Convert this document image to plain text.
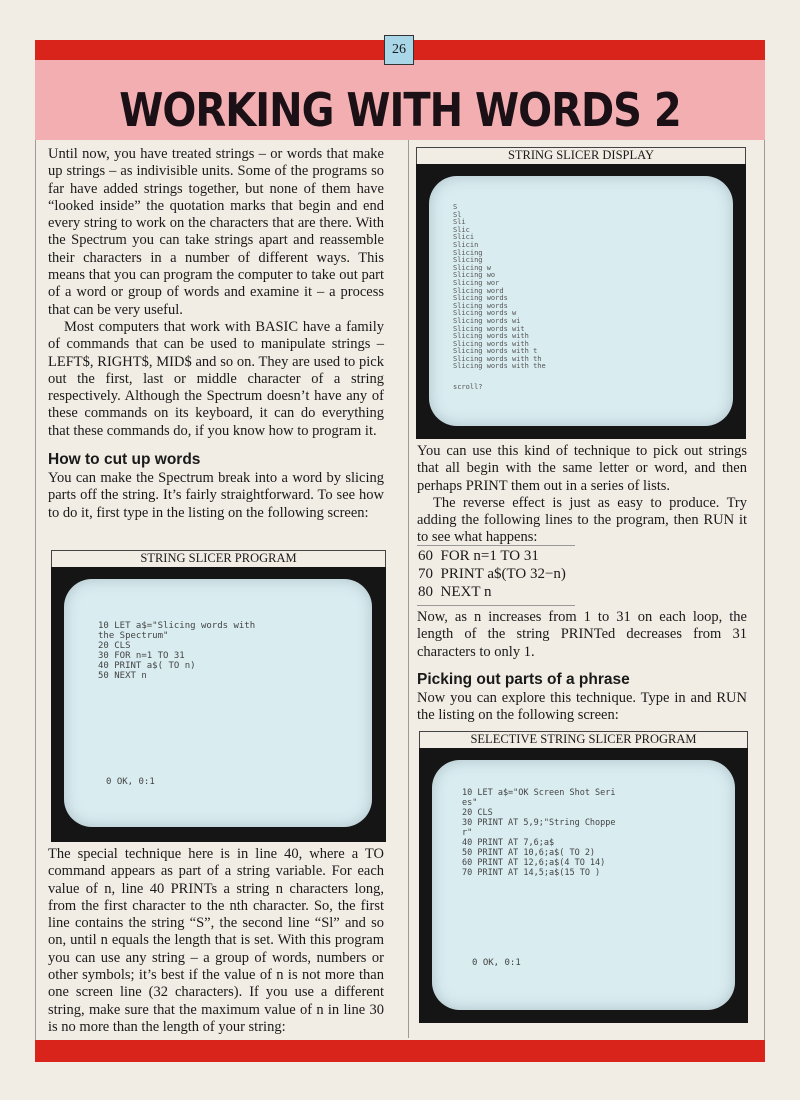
26
WORKING WITH WORDS 2

Until now, you have treated strings – or words that make up strings – as indivisible units. Some of the programs so far have added strings together, but none of them have “looked inside” the quotation marks that begin and end every string to work on the characters that are there. With the Spectrum you can take strings apart and reassemble their characters in a number of different ways. This means that you can program the computer to take out part of a word or group of words and examine it – a process that can be very useful.

Most computers that work with BASIC have a family of commands that can be used to manipulate strings – LEFT$, RIGHT$, MID$ and so on. They are used to pick out the first, last or middle character of a string respectively. Although the Spectrum doesn’t have any of these commands on its keyboard, it can do everything that these commands do, if you know how to program it.

How to cut up words

You can make the Spectrum break into a word by slicing parts off the string. It’s fairly straightforward. To see how to do it, first type in the listing on the following screen:

STRING SLICER PROGRAM
10 LET a$="Slicing words with
the Spectrum"
20 CLS
30 FOR n=1 TO 31
40 PRINT a$( TO n)
50 NEXT n
0 OK, 0:1

The special technique here is in line 40, where a TO command appears as part of a string variable. For each value of n, line 40 PRINTs a string n characters long, from the first character to the nth character. So, the first line contains the string “S”, the second line “Sl” and so on, until n equals the length that is set. With this program you can use any string – a group of words, numbers or other symbols; it’s best if the value of n is not more than one screen line (32 characters). If you use a different string, make sure that the maximum value of n in line 30 is no more than the length of your string:

STRING SLICER DISPLAY
S
Sl
Sli
Slic
Slici
Slicin
Slicing
Slicing
Slicing w
Slicing wo
Slicing wor
Slicing word
Slicing words
Slicing words
Slicing words w
Slicing words wi
Slicing words wit
Slicing words with
Slicing words with
Slicing words with t
Slicing words with th
Slicing words with the
scroll?

You can use this kind of technique to pick out strings that all begin with the same letter or word, and then perhaps PRINT them out in a series of lists.

The reverse effect is just as easy to produce. Try adding the following lines to the program, then RUN it to see what happens:

60  FOR n=1 TO 31
70  PRINT a$(TO 32−n)
80  NEXT n

Now, as n increases from 1 to 31 on each loop, the length of the string PRINTed decreases from 31 characters to only 1.

Picking out parts of a phrase

Now you can explore this technique. Type in and RUN the listing on the following screen:

SELECTIVE STRING SLICER PROGRAM
10 LET a$="OK Screen Shot Seri
es"
20 CLS
30 PRINT AT 5,9;"String Choppe
r"
40 PRINT AT 7,6;a$
50 PRINT AT 10,6;a$( TO 2)
60 PRINT AT 12,6;a$(4 TO 14)
70 PRINT AT 14,5;a$(15 TO )
0 OK, 0:1
